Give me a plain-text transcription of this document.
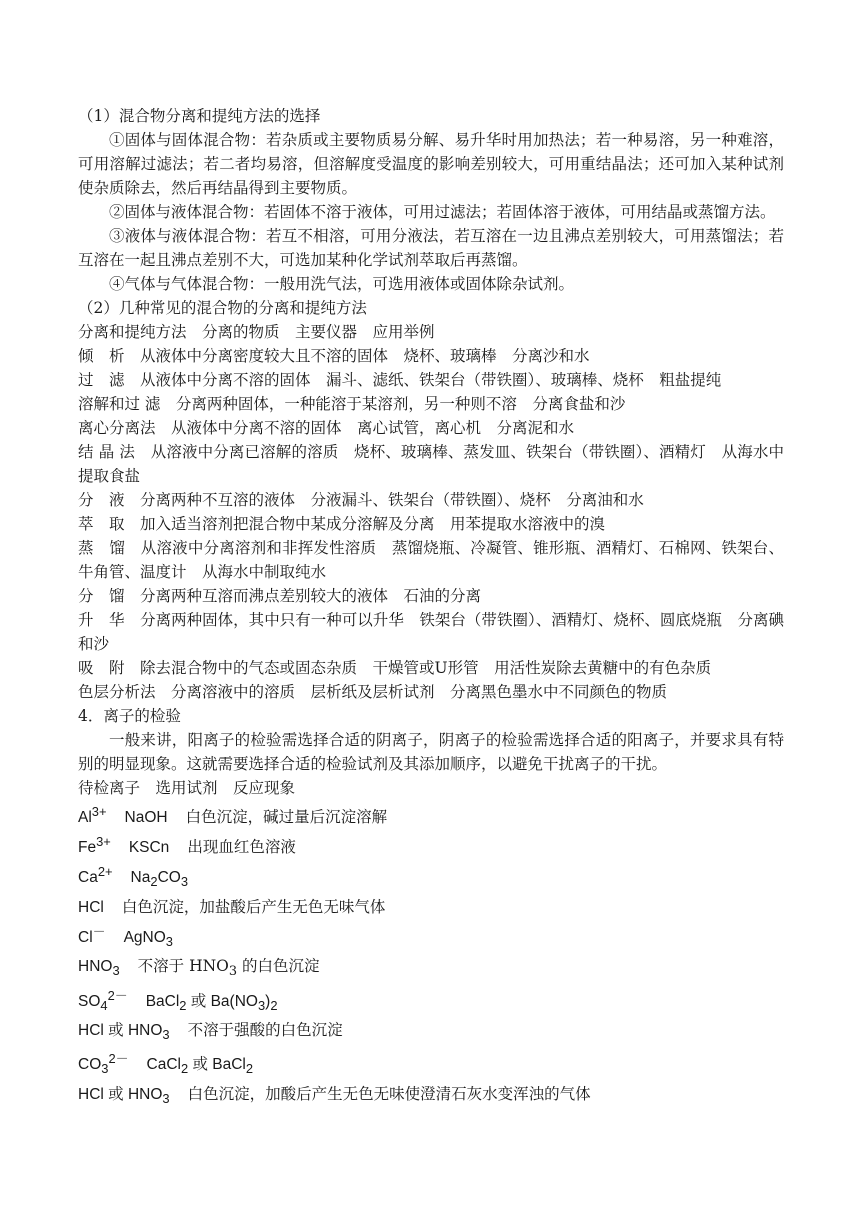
（1）混合物分离和提纯方法的选择

①固体与固体混合物：若杂质或主要物质易分解、易升华时用加热法；若一种易溶，另一种难溶，可用溶解过滤法；若二者均易溶，但溶解度受温度的影响差别较大，可用重结晶法；还可加入某种试剂使杂质除去，然后再结晶得到主要物质。

②固体与液体混合物：若固体不溶于液体，可用过滤法；若固体溶于液体，可用结晶或蒸馏方法。

③液体与液体混合物：若互不相溶，可用分液法，若互溶在一边且沸点差别较大，可用蒸馏法；若互溶在一起且沸点差别不大，可选加某种化学试剂萃取后再蒸馏。

④气体与气体混合物：一般用洗气法，可选用液体或固体除杂试剂。

（2）几种常见的混合物的分离和提纯方法

分离和提纯方法　分离的物质　主要仪器　应用举例

倾　析　从液体中分离密度较大且不溶的固体　烧杯、玻璃棒　分离沙和水

过　滤　从液体中分离不溶的固体　漏斗、滤纸、铁架台（带铁圈）、玻璃棒、烧杯　粗盐提纯

溶解和过 滤　分离两种固体，一种能溶于某溶剂，另一种则不溶　分离食盐和沙

离心分离法　从液体中分离不溶的固体　离心试管，离心机　分离泥和水

结 晶 法　从溶液中分离已溶解的溶质　烧杯、玻璃棒、蒸发皿、铁架台（带铁圈）、酒精灯　从海水中提取食盐

分　液　分离两种不互溶的液体　分液漏斗、铁架台（带铁圈）、烧杯　分离油和水

萃　取　加入适当溶剂把混合物中某成分溶解及分离　用苯提取水溶液中的溴

蒸　馏　从溶液中分离溶剂和非挥发性溶质　蒸馏烧瓶、冷凝管、锥形瓶、酒精灯、石棉网、铁架台、牛角管、温度计　从海水中制取纯水

分　馏　分离两种互溶而沸点差别较大的液体　石油的分离

升　华　分离两种固体，其中只有一种可以升华　铁架台（带铁圈）、酒精灯、烧杯、圆底烧瓶　分离碘和沙

吸　附　除去混合物中的气态或固态杂质　干燥管或U形管　用活性炭除去黄糖中的有色杂质

色层分析法　分离溶液中的溶质　层析纸及层析试剂　分离黑色墨水中不同颜色的物质

4．离子的检验

一般来讲，阳离子的检验需选择合适的阴离子，阴离子的检验需选择合适的阳离子，并要求具有特别的明显现象。这就需要选择合适的检验试剂及其添加顺序，以避免干扰离子的干扰。

待检离子　选用试剂　反应现象

$Al^{3+}$ NaOH 白色沉淀，碱过量后沉淀溶解

$Fe^{3+}$ KSCn 出现血红色溶液

$Ca^{2+}$ $Na_2CO_3$

HCl 白色沉淀，加盐酸后产生无色无味气体

Cl－ AgNO$_3$

$HNO_3$ 不溶于 $HNO_3$ 的白色沉淀

$SO_4^{2-}$ BaCl$_2$ 或 $Ba(NO_3)_2$

HCl 或 $HNO_3$ 不溶于强酸的白色沉淀

$CO_3^{2-}$ CaCl$_2$ 或 BaCl$_2$

HCl 或 $HNO_3$ 白色沉淀，加酸后产生无色无味使澄清石灰水变浑浊的气体
